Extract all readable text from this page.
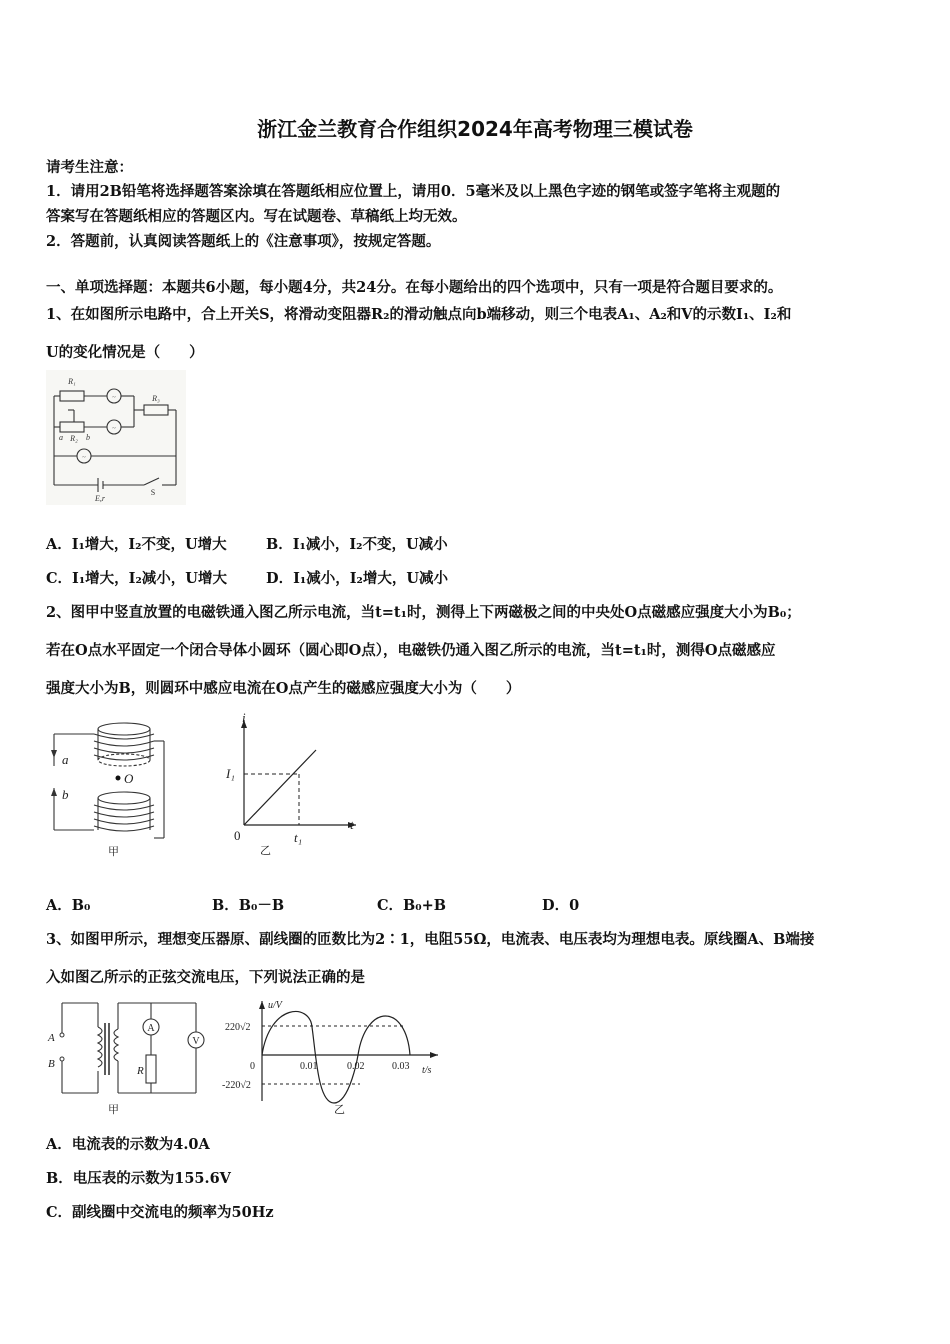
浙江金兰教育合作组织2024年高考物理三模试卷
请考生注意：
1．请用2B铅笔将选择题答案涂填在答题纸相应位置上，请用0．5毫米及以上黑色字迹的钢笔或签字笔将主观题的
答案写在答题纸相应的答题区内。写在试题卷、草稿纸上均无效。
2．答题前，认真阅读答题纸上的《注意事项》，按规定答题。
一、单项选择题：本题共6小题，每小题4分，共24分。在每小题给出的四个选项中，只有一项是符合题目要求的。
1、在如图所示电路中，合上开关S，将滑动变阻器R₂的滑动触点向b端移动，则三个电表A₁、A₂和V的示数I₁、I₂和
U的变化情况是（　　）
R₁
~
~
R₃
a R₂ b
~
S
E,r
A．I₁增大，I₂不变，U增大	B．I₁减小，I₂不变，U减小
C．I₁增大，I₂减小，U增大	D．I₁减小，I₂增大，U减小
2、图甲中竖直放置的电磁铁通入图乙所示电流，当t=t₁时，测得上下两磁极之间的中央处O点磁感应强度大小为B₀；
若在O点水平固定一个闭合导体小圆环（圆心即O点），电磁铁仍通入图乙所示的电流，当t=t₁时，测得O点磁感应
强度大小为B，则圆环中感应电流在O点产生的磁感应强度大小为（　　）
a
b
O
甲
i
I₁
0	t₁
t
乙
A．B₀	B．B₀－B	C．B₀+B	D．0
3、如图甲所示，理想变压器原、副线圈的匝数比为2∶1，电阻55Ω，电流表、电压表均为理想电表。原线圈A、B端接
入如图乙所示的正弦交流电压，下列说法正确的是
A
B
R
A
V
甲
u/V
220√2
0
-220√2
0.01	0.02	0.03 t/s
乙
A．电流表的示数为4.0A
B．电压表的示数为155.6V
C．副线圈中交流电的频率为50Hz
